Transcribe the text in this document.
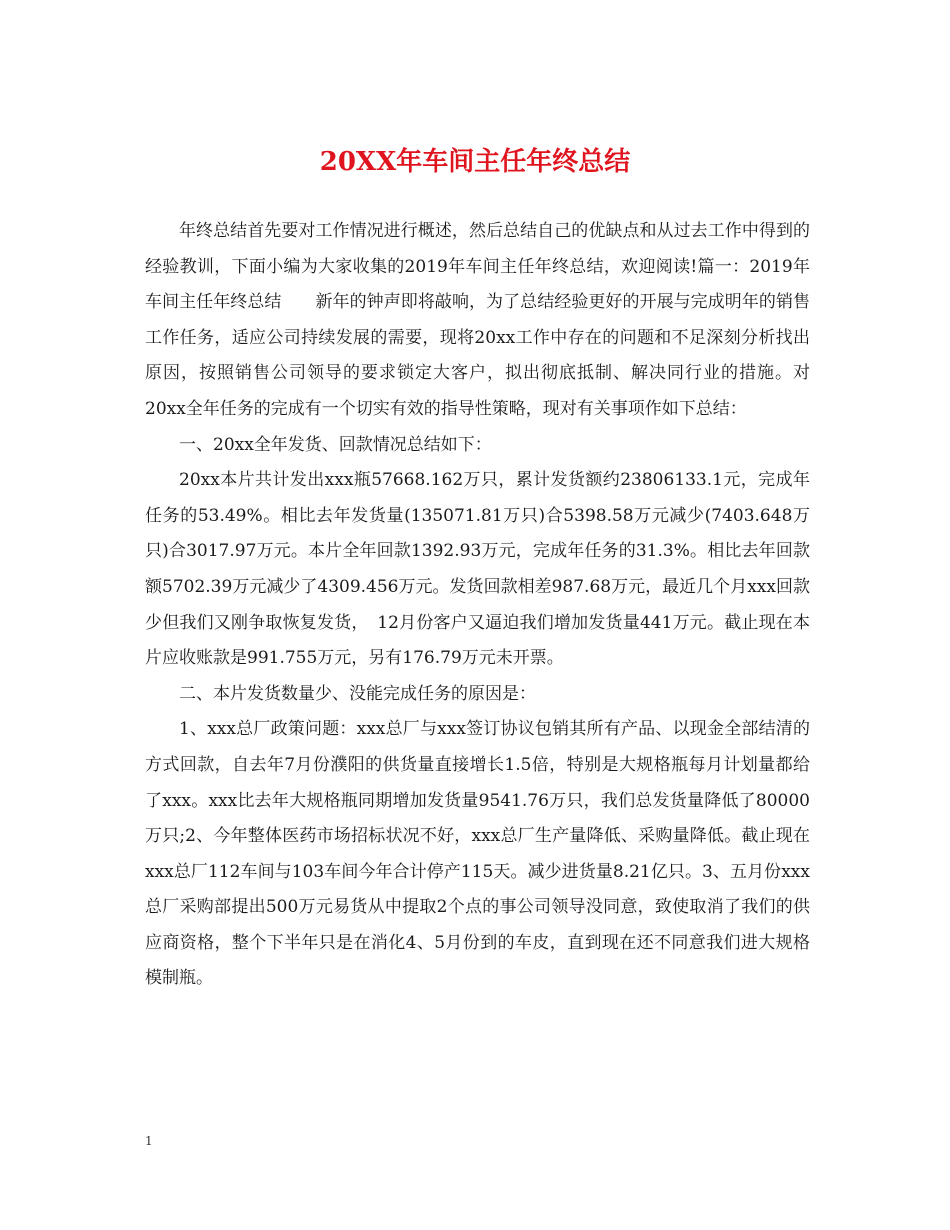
20XX年车间主任年终总结

年终总结首先要对工作情况进行概述，然后总结自己的优缺点和从过去工作中得到的经验教训，下面小编为大家收集的2019年车间主任年终总结，欢迎阅读!篇一：2019年车间主任年终总结　　新年的钟声即将敲响，为了总结经验更好的开展与完成明年的销售工作任务，适应公司持续发展的需要，现将20xx工作中存在的问题和不足深刻分析找出原因，按照销售公司领导的要求锁定大客户，拟出彻底抵制、解决同行业的措施。对20xx全年任务的完成有一个切实有效的指导性策略，现对有关事项作如下总结：

一、20xx全年发货、回款情况总结如下：

20xx本片共计发出xxx瓶57668.162万只，累计发货额约23806133.1元，完成年任务的53.49%。相比去年发货量(135071.81万只)合5398.58万元减少(7403.648万只)合3017.97万元。本片全年回款1392.93万元，完成年任务的31.3%。相比去年回款额5702.39万元减少了4309.456万元。发货回款相差987.68万元，最近几个月xxx回款少但我们又刚争取恢复发货，　12月份客户又逼迫我们增加发货量441万元。截止现在本片应收账款是991.755万元，另有176.79万元未开票。

二、本片发货数量少、没能完成任务的原因是：

1、xxx总厂政策问题：xxx总厂与xxx签订协议包销其所有产品、以现金全部结清的方式回款，自去年7月份濮阳的供货量直接增长1.5倍，特别是大规格瓶每月计划量都给了xxx。xxx比去年大规格瓶同期增加发货量9541.76万只，我们总发货量降低了80000万只;2、今年整体医药市场招标状况不好，xxx总厂生产量降低、采购量降低。截止现在xxx总厂112车间与103车间今年合计停产115天。减少进货量8.21亿只。3、五月份xxx总厂采购部提出500万元易货从中提取2个点的事公司领导没同意，致使取消了我们的供应商资格，整个下半年只是在消化4、5月份到的车皮，直到现在还不同意我们进大规格模制瓶。

1
